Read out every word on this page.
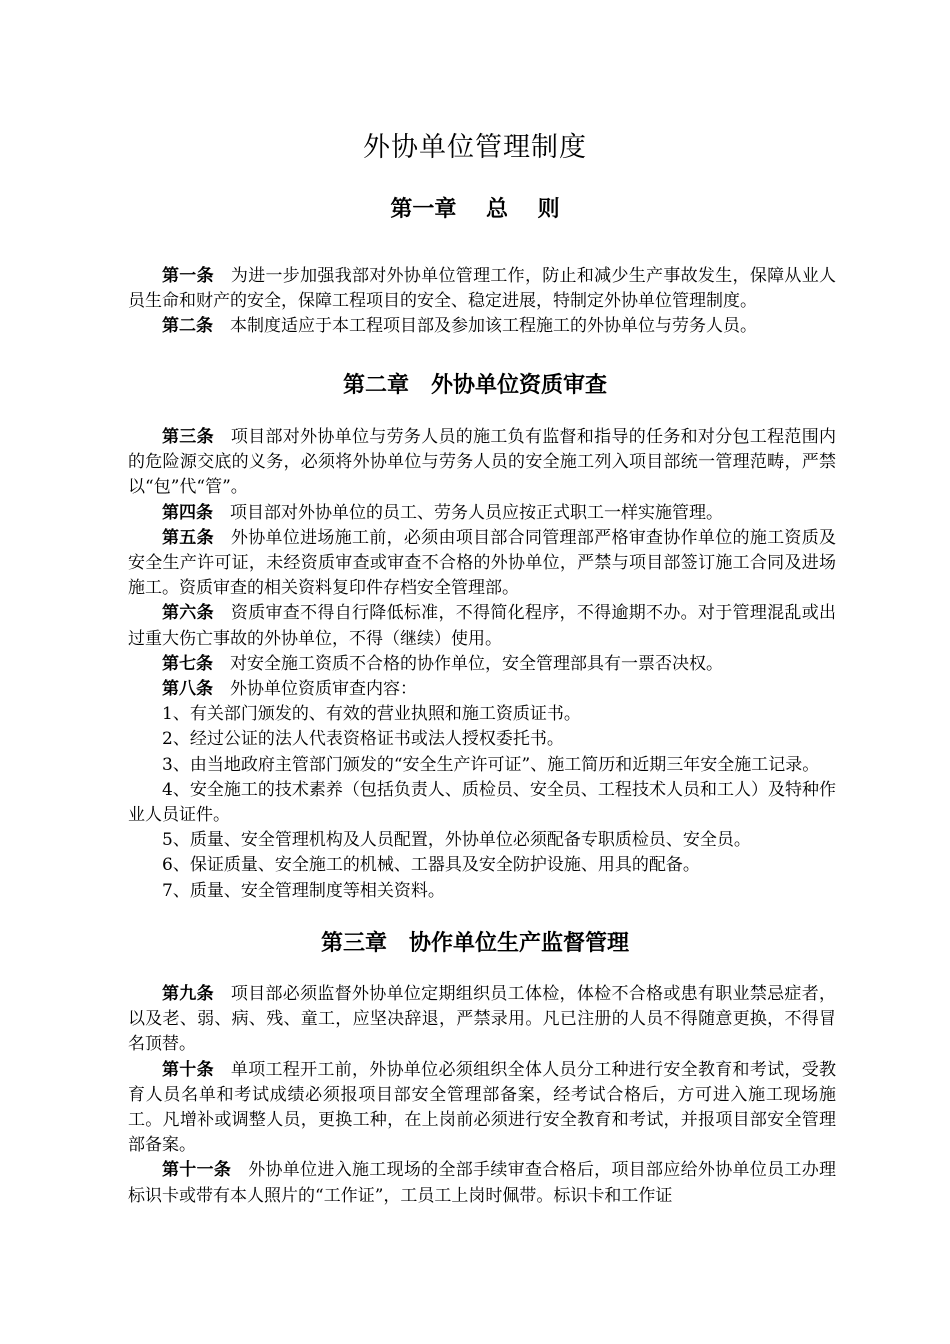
外协单位管理制度
第一章　 总　 则

第一条 为进一步加强我部对外协单位管理工作，防止和减少生产事故发生，保障从业人员生命和财产的安全，保障工程项目的安全、稳定进展，特制定外协单位管理制度。

第二条 本制度适应于本工程项目部及参加该工程施工的外协单位与劳务人员。

第二章　外协单位资质审查

第三条 项目部对外协单位与劳务人员的施工负有监督和指导的任务和对分包工程范围内的危险源交底的义务，必须将外协单位与劳务人员的安全施工列入项目部统一管理范畴，严禁以“包”代“管”。

第四条 项目部对外协单位的员工、劳务人员应按正式职工一样实施管理。

第五条 外协单位进场施工前，必须由项目部合同管理部严格审查协作单位的施工资质及安全生产许可证，未经资质审查或审查不合格的外协单位，严禁与项目部签订施工合同及进场施工。资质审查的相关资料复印件存档安全管理部。

第六条 资质审查不得自行降低标准，不得简化程序，不得逾期不办。对于管理混乱或出过重大伤亡事故的外协单位，不得（继续）使用。

第七条 对安全施工资质不合格的协作单位，安全管理部具有一票否决权。

第八条 外协单位资质审查内容：

1、有关部门颁发的、有效的营业执照和施工资质证书。

2、经过公证的法人代表资格证书或法人授权委托书。

3、由当地政府主管部门颁发的“安全生产许可证”、施工简历和近期三年安全施工记录。

4、安全施工的技术素养（包括负责人、质检员、安全员、工程技术人员和工人）及特种作业人员证件。

5、质量、安全管理机构及人员配置，外协单位必须配备专职质检员、安全员。

6、保证质量、安全施工的机械、工器具及安全防护设施、用具的配备。

7、质量、安全管理制度等相关资料。

第三章　协作单位生产监督管理

第九条 项目部必须监督外协单位定期组织员工体检，体检不合格或患有职业禁忌症者，以及老、弱、病、残、童工，应坚决辞退，严禁录用。凡已注册的人员不得随意更换，不得冒名顶替。

第十条 单项工程开工前，外协单位必须组织全体人员分工种进行安全教育和考试，受教育人员名单和考试成绩必须报项目部安全管理部备案，经考试合格后，方可进入施工现场施工。凡增补或调整人员，更换工种，在上岗前必须进行安全教育和考试，并报项目部安全管理部备案。

第十一条 外协单位进入施工现场的全部手续审查合格后，项目部应给外协单位员工办理标识卡或带有本人照片的“工作证”，工员工上岗时佩带。标识卡和工作证
